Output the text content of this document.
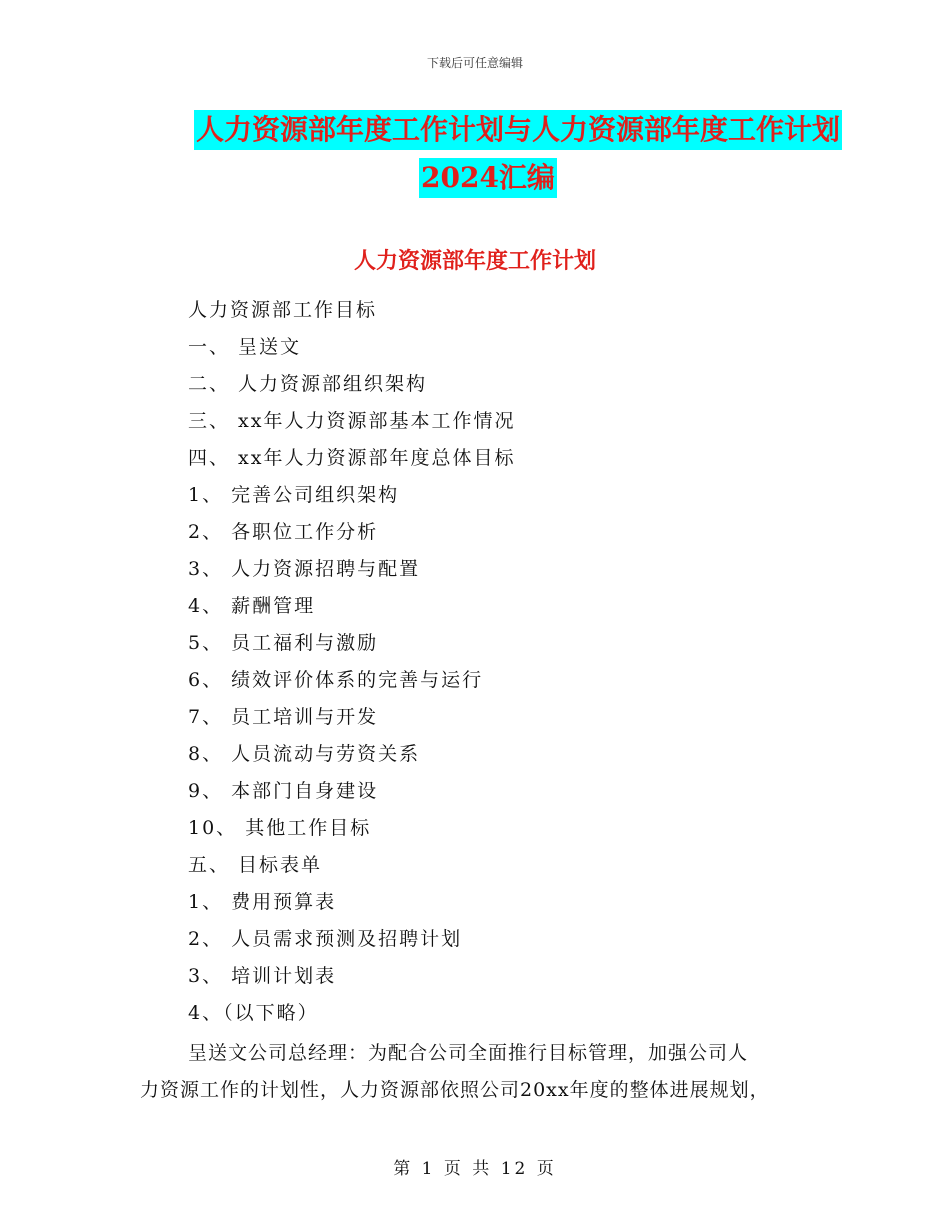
下载后可任意编辑
人力资源部年度工作计划与人力资源部年度工作计划
2024汇编
人力资源部年度工作计划
人力资源部工作目标
一、 呈送文
二、 人力资源部组织架构
三、 xx年人力资源部基本工作情况
四、 xx年人力资源部年度总体目标
1、 完善公司组织架构
2、 各职位工作分析
3、 人力资源招聘与配置
4、 薪酬管理
5、 员工福利与激励
6、 绩效评价体系的完善与运行
7、 员工培训与开发
8、 人员流动与劳资关系
9、 本部门自身建设
10、 其他工作目标
五、 目标表单
1、 费用预算表
2、 人员需求预测及招聘计划
3、 培训计划表
4、（以下略）
呈送文公司总经理：为配合公司全面推行目标管理，加强公司人
力资源工作的计划性，人力资源部依照公司20xx年度的整体进展规划，
第 1 页 共 12 页
